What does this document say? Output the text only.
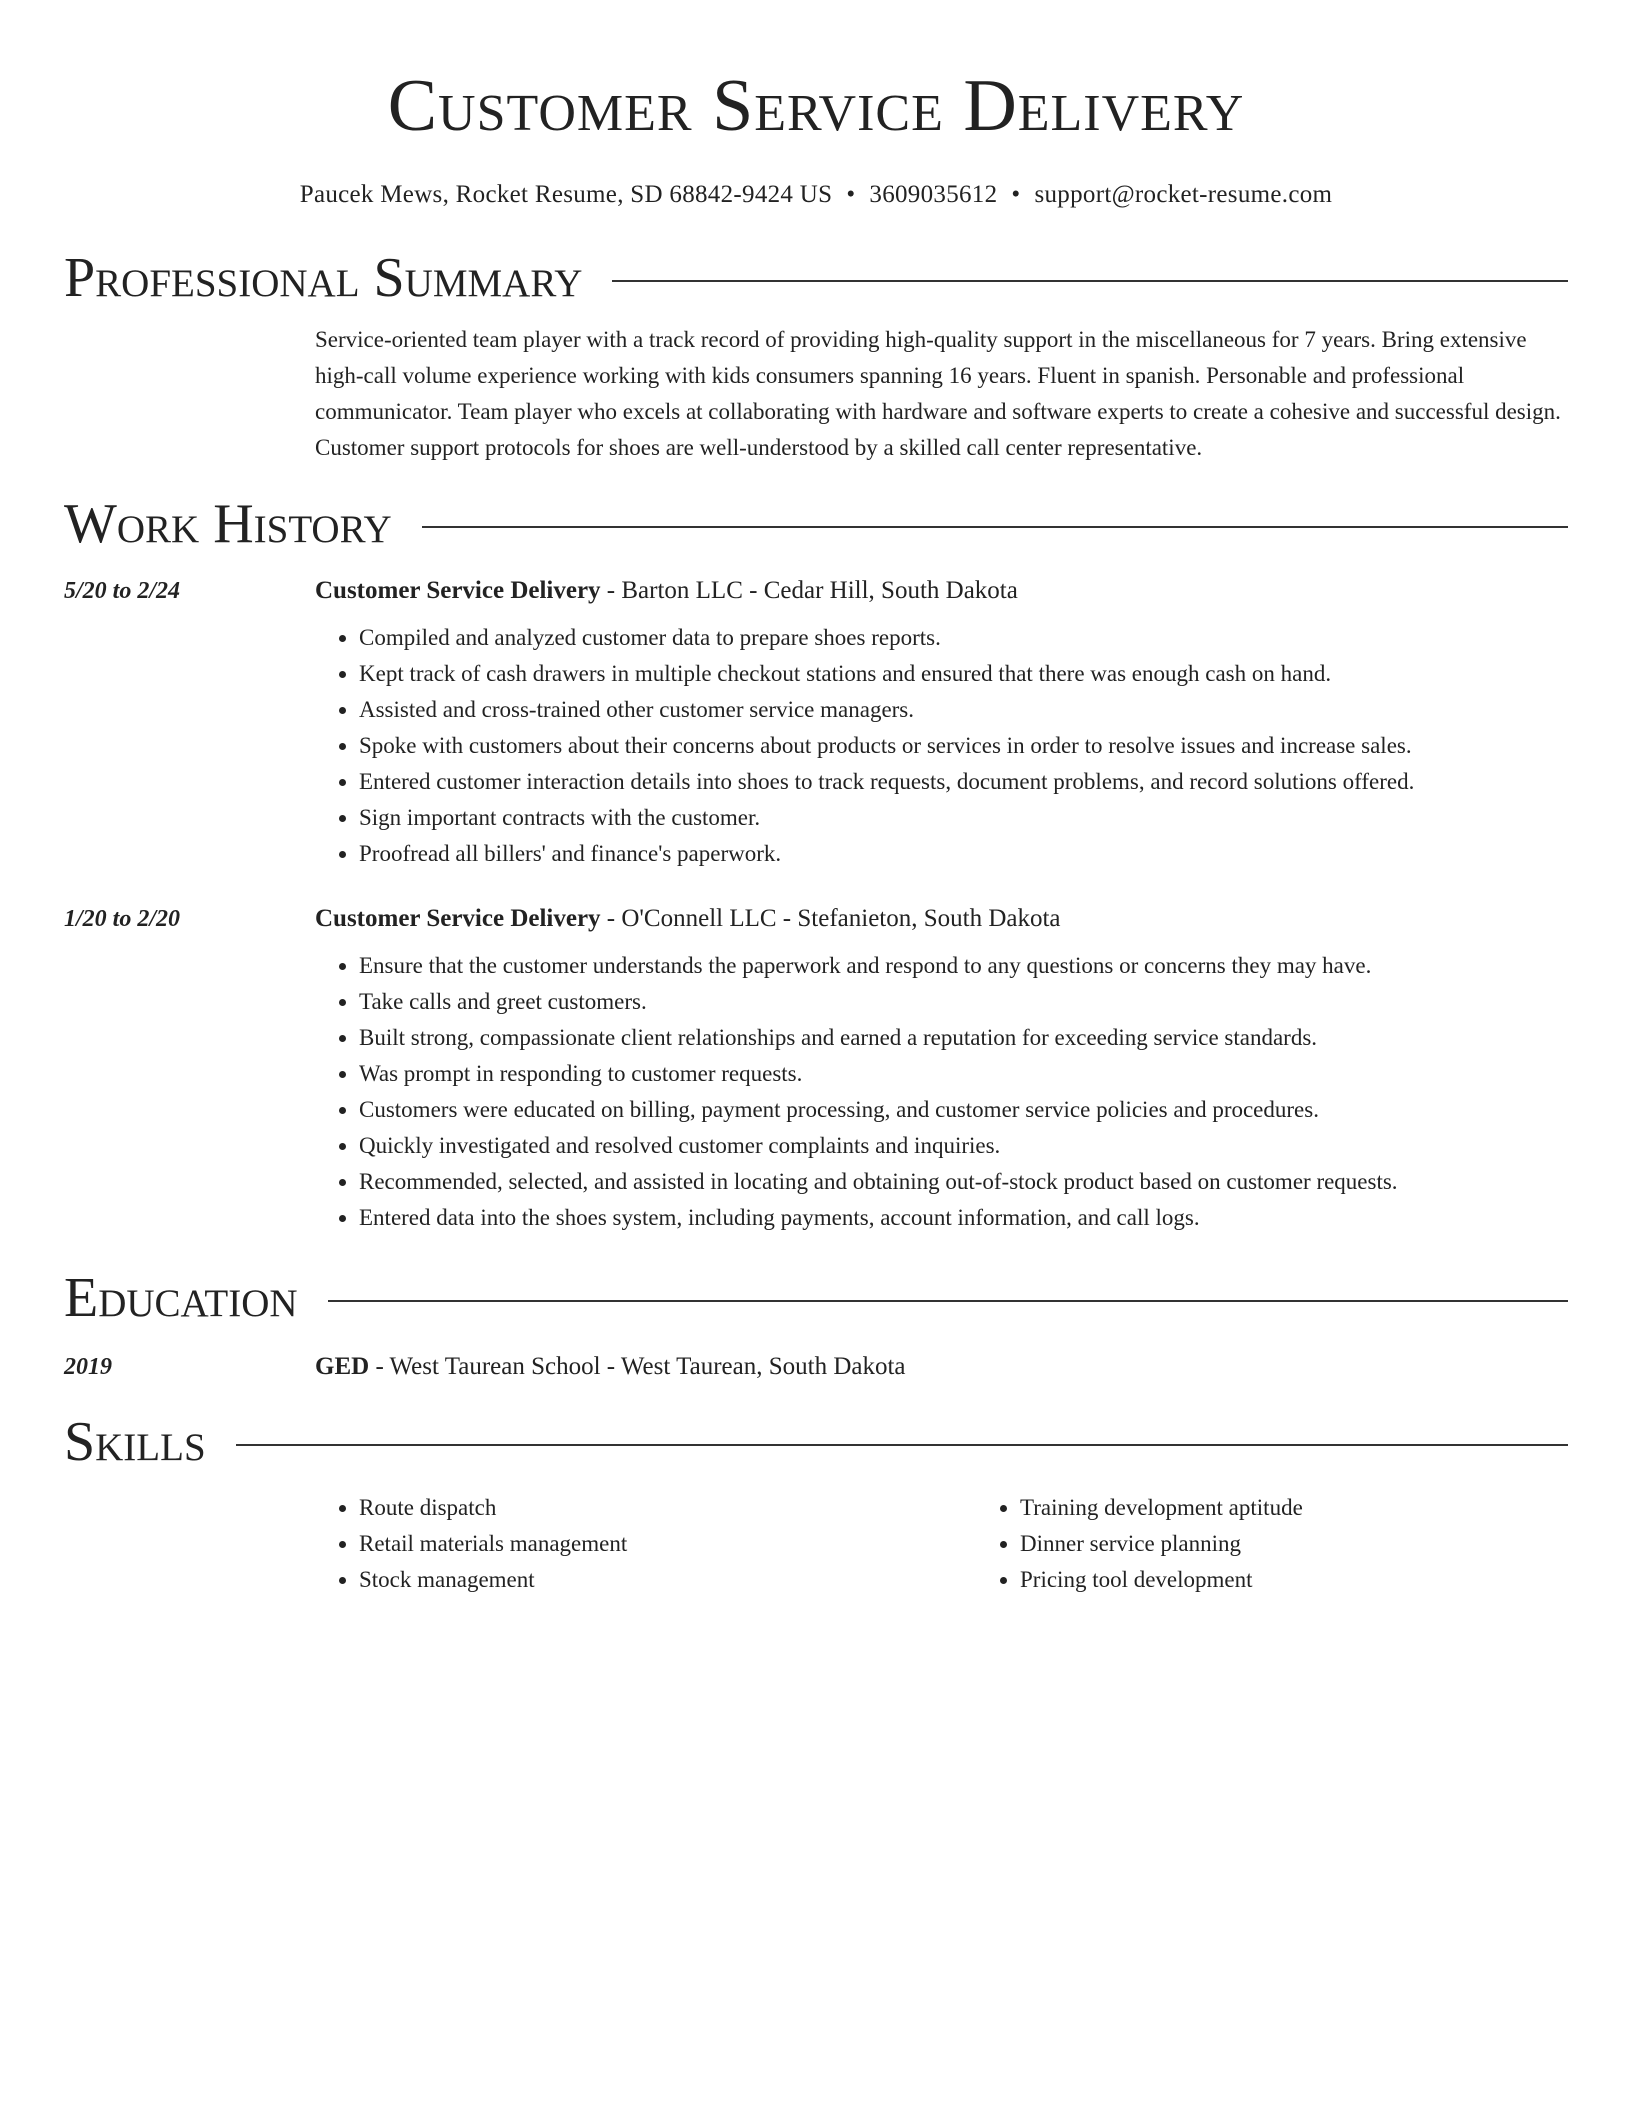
Customer Service Delivery
Paucek Mews, Rocket Resume, SD 68842-9424 US • 3609035612 • support@rocket-resume.com
Professional Summary
Service-oriented team player with a track record of providing high-quality support in the miscellaneous for 7 years. Bring extensive high-call volume experience working with kids consumers spanning 16 years. Fluent in spanish. Personable and professional communicator. Team player who excels at collaborating with hardware and software experts to create a cohesive and successful design. Customer support protocols for shoes are well-understood by a skilled call center representative.
Work History
5/20 to 2/24	Customer Service Delivery - Barton LLC - Cedar Hill, South Dakota
• Compiled and analyzed customer data to prepare shoes reports.
• Kept track of cash drawers in multiple checkout stations and ensured that there was enough cash on hand.
• Assisted and cross-trained other customer service managers.
• Spoke with customers about their concerns about products or services in order to resolve issues and increase sales.
• Entered customer interaction details into shoes to track requests, document problems, and record solutions offered.
• Sign important contracts with the customer.
• Proofread all billers' and finance's paperwork.
1/20 to 2/20	Customer Service Delivery - O'Connell LLC - Stefanieton, South Dakota
• Ensure that the customer understands the paperwork and respond to any questions or concerns they may have.
• Take calls and greet customers.
• Built strong, compassionate client relationships and earned a reputation for exceeding service standards.
• Was prompt in responding to customer requests.
• Customers were educated on billing, payment processing, and customer service policies and procedures.
• Quickly investigated and resolved customer complaints and inquiries.
• Recommended, selected, and assisted in locating and obtaining out-of-stock product based on customer requests.
• Entered data into the shoes system, including payments, account information, and call logs.
Education
2019	GED - West Taurean School - West Taurean, South Dakota
Skills
• Route dispatch
• Retail materials management
• Stock management
• Training development aptitude
• Dinner service planning
• Pricing tool development
